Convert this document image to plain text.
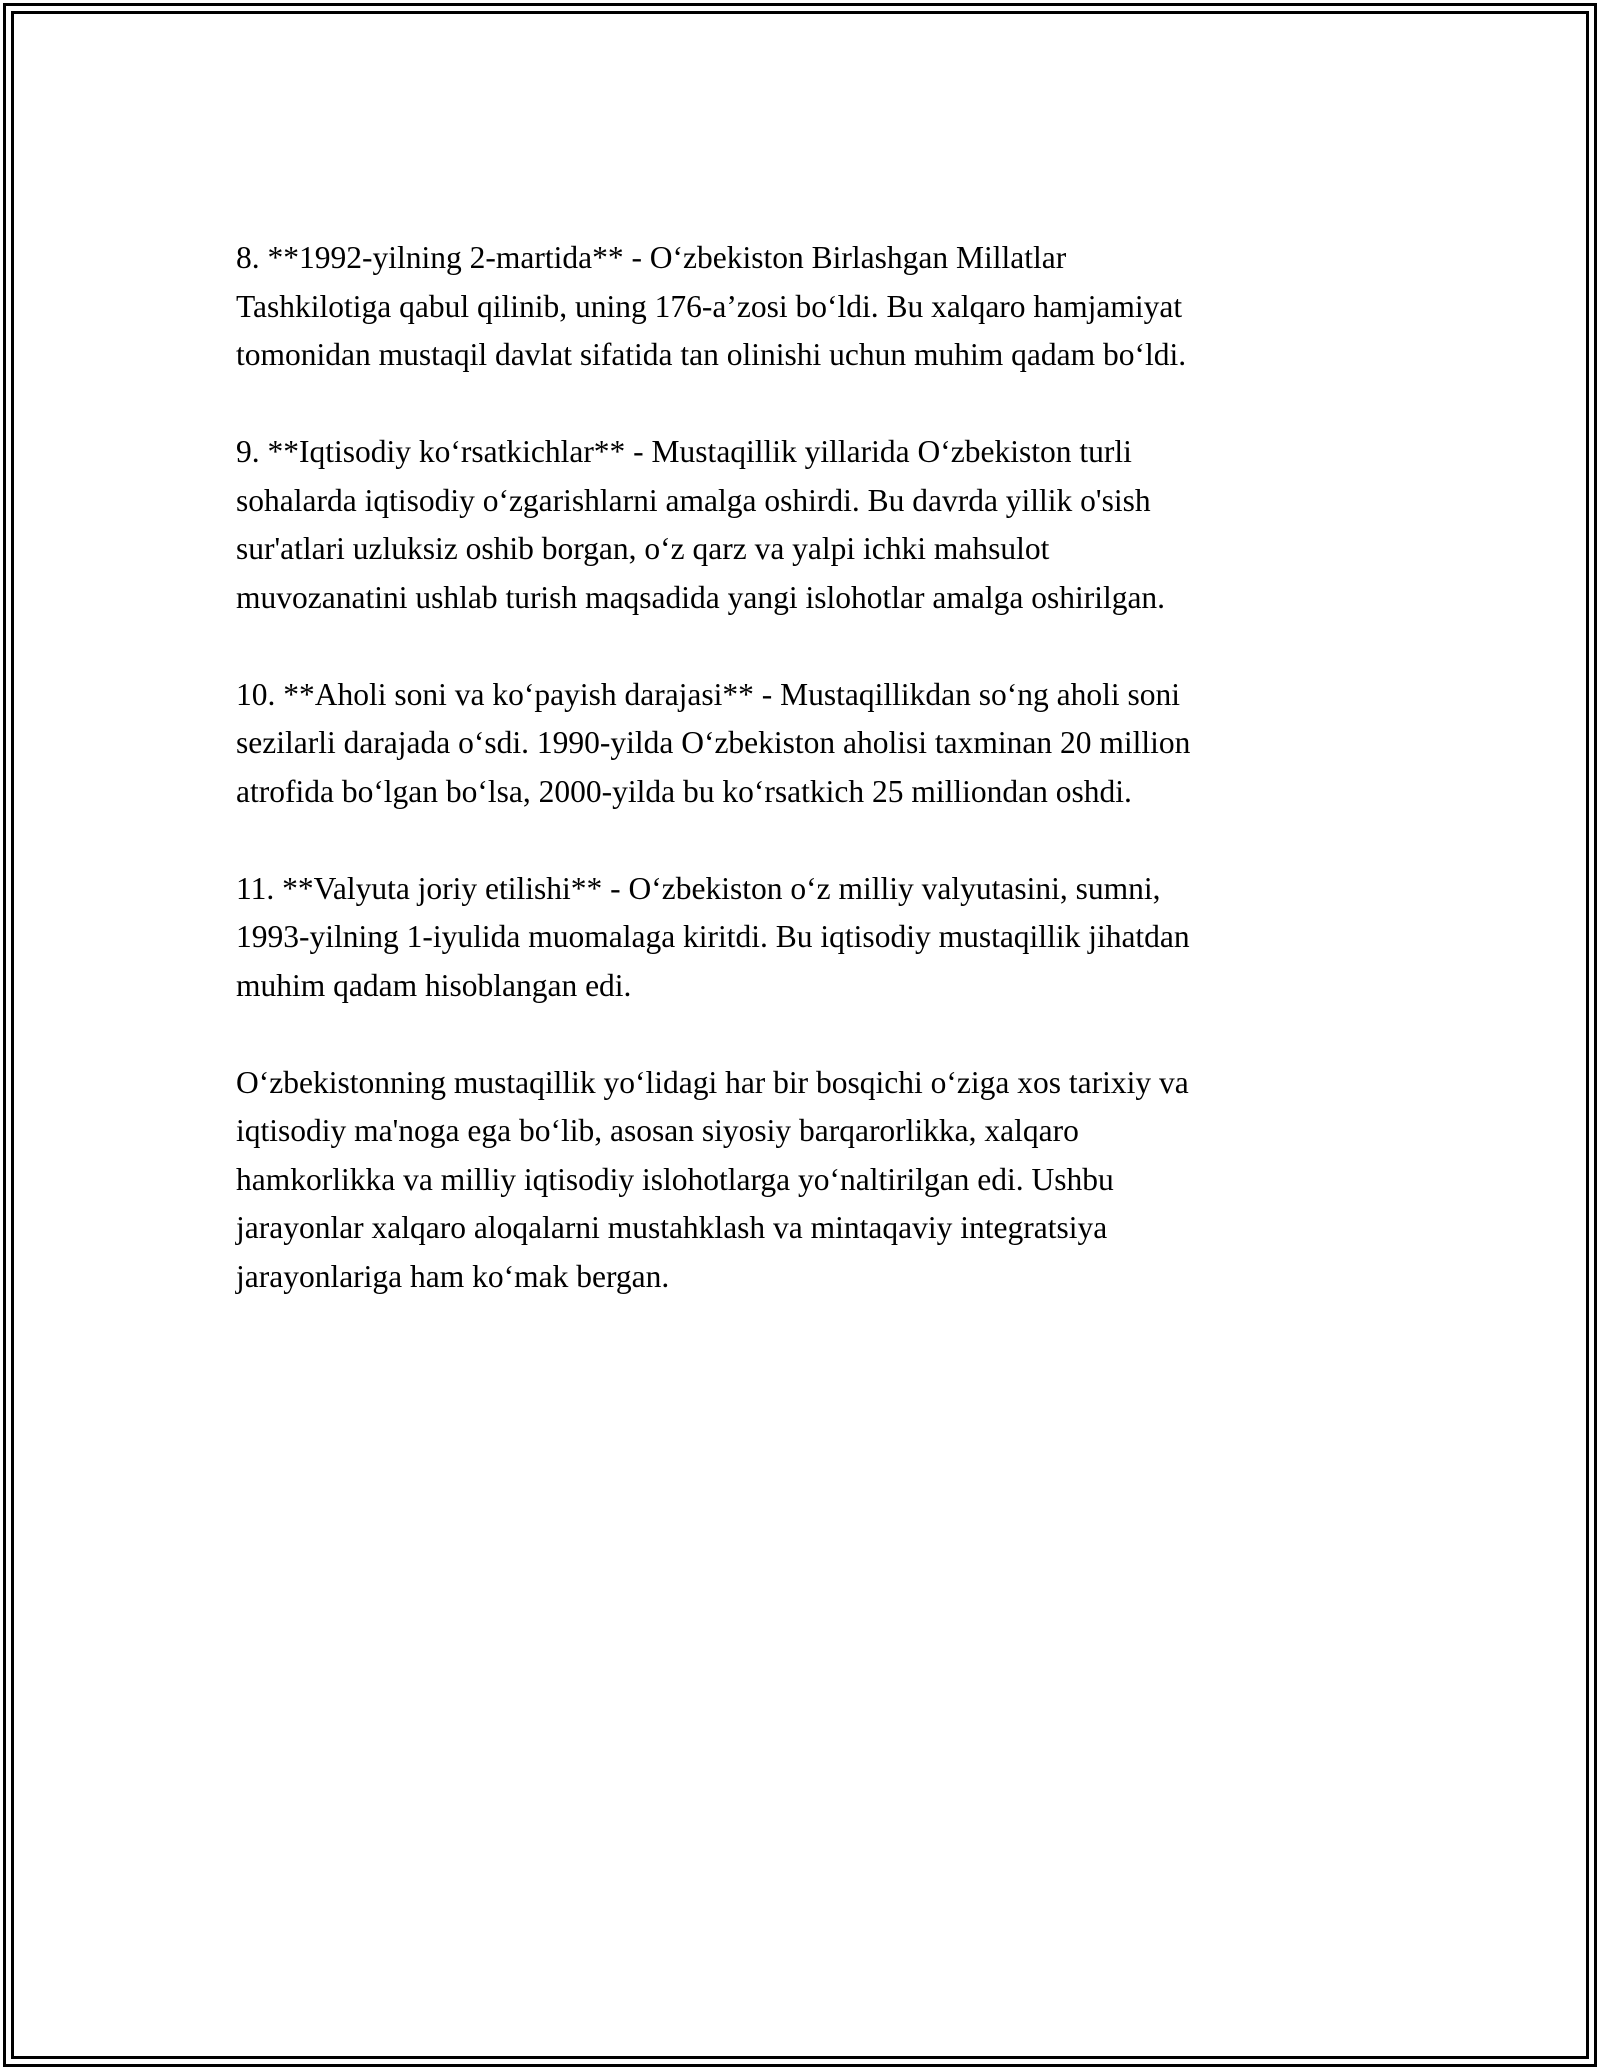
8. **1992-yilning 2-martida** - Oʻzbekiston Birlashgan Millatlar
Tashkilotiga qabul qilinib, uning 176-a’zosi boʻldi. Bu xalqaro hamjamiyat
tomonidan mustaqil davlat sifatida tan olinishi uchun muhim qadam boʻldi.

9. **Iqtisodiy koʻrsatkichlar** - Mustaqillik yillarida Oʻzbekiston turli
sohalarda iqtisodiy oʻzgarishlarni amalga oshirdi. Bu davrda yillik o'sish
sur'atlari uzluksiz oshib borgan, oʻz qarz va yalpi ichki mahsulot
muvozanatini ushlab turish maqsadida yangi islohotlar amalga oshirilgan.

10. **Aholi soni va koʻpayish darajasi** - Mustaqillikdan soʻng aholi soni
sezilarli darajada oʻsdi. 1990-yilda Oʻzbekiston aholisi taxminan 20 million
atrofida boʻlgan boʻlsa, 2000-yilda bu koʻrsatkich 25 milliondan oshdi.

11. **Valyuta joriy etilishi** - Oʻzbekiston oʻz milliy valyutasini, sumni,
1993-yilning 1-iyulida muomalaga kiritdi. Bu iqtisodiy mustaqillik jihatdan
muhim qadam hisoblangan edi.

Oʻzbekistonning mustaqillik yoʻlidagi har bir bosqichi oʻziga xos tarixiy va
iqtisodiy ma'noga ega boʻlib, asosan siyosiy barqarorlikka, xalqaro
hamkorlikka va milliy iqtisodiy islohotlarga yoʻnaltirilgan edi. Ushbu
jarayonlar xalqaro aloqalarni mustahklash va mintaqaviy integratsiya
jarayonlariga ham koʻmak bergan.
